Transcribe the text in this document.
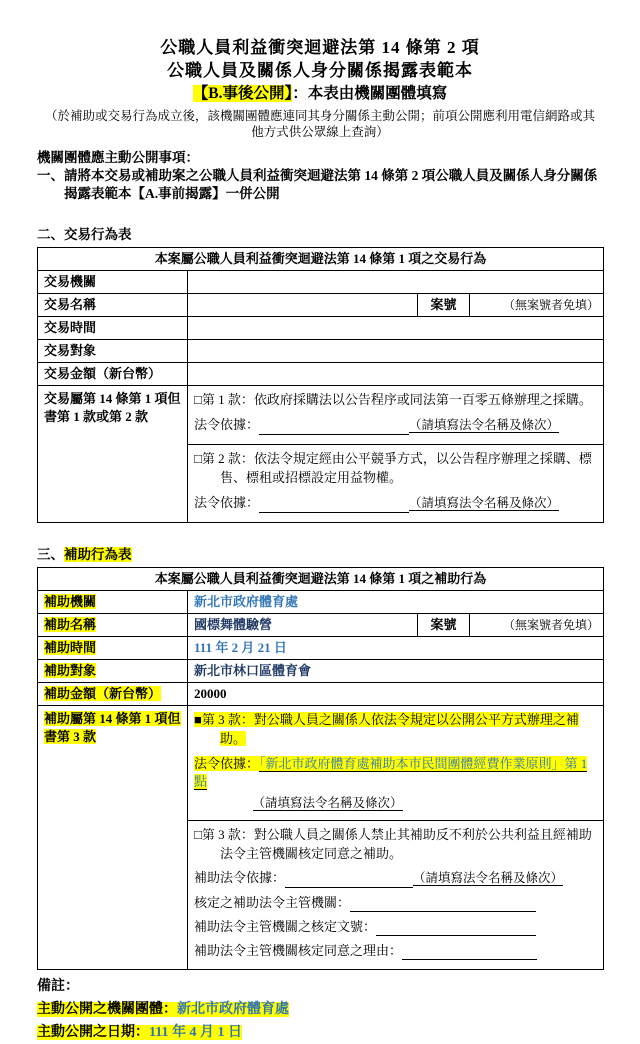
公職人員利益衝突迴避法第 14 條第 2 項
公職人員及關係人身分關係揭露表範本
【B.事後公開】：本表由機關團體填寫
（於補助或交易行為成立後，該機關團體應連同其身分關係主動公開；前項公開應利用電信網路或其他方式供公眾線上查詢）
機關團體應主動公開事項：
一、請將本交易或補助案之公職人員利益衝突迴避法第 14 條第 2 項公職人員及關係人身分關係揭露表範本【A.事前揭露】一併公開
二、交易行為表
本案屬公職人員利益衝突迴避法第 14 條第 1 項之交易行為			
交易機關			
交易名稱		案號	（無案號者免填）
交易時間			
交易對象			
交易金額（新台幣）			
交易屬第 14 條第 1 項但書第 1 款或第 2 款	□第 1 款：依政府採購法以公告程序或同法第一百零五條辦理之採購。
法令依據： （請填寫法令名稱及條次）		

	□第 2 款：依法令規定經由公平競爭方式，以公告程序辦理之採購、標售、標租或招標設定用益物權。
法令依據： （請填寫法令名稱及條次）		
三、補助行為表
本案屬公職人員利益衝突迴避法第 14 條第 1 項之補助行為			
補助機關	新北市政府體育處		
補助名稱	國標舞體驗營	案號	（無案號者免填）
補助時間	111 年 2 月 21 日		
補助對象	新北市林口區體育會		
補助金額（新台幣）	20000		
補助屬第 14 條第 1 項但書第 3 款	■第 3 款：對公職人員之關係人依法令規定以公開公平方式辦理之補助。
法令依據：「新北市政府體育處補助本市民間團體經費作業原則」第 1 點
（請填寫法令名稱及條次）		

	□第 3 款：對公職人員之關係人禁止其補助反不利於公共利益且經補助法令主管機關核定同意之補助。
補助法令依據： （請填寫法令名稱及條次）
核定之補助法令主管機關：
補助法令主管機關之核定文號：
補助法令主管機關核定同意之理由：		
備註：
主動公開之機關團體：新北市政府體育處
主動公開之日期：111 年 4 月 1 日
